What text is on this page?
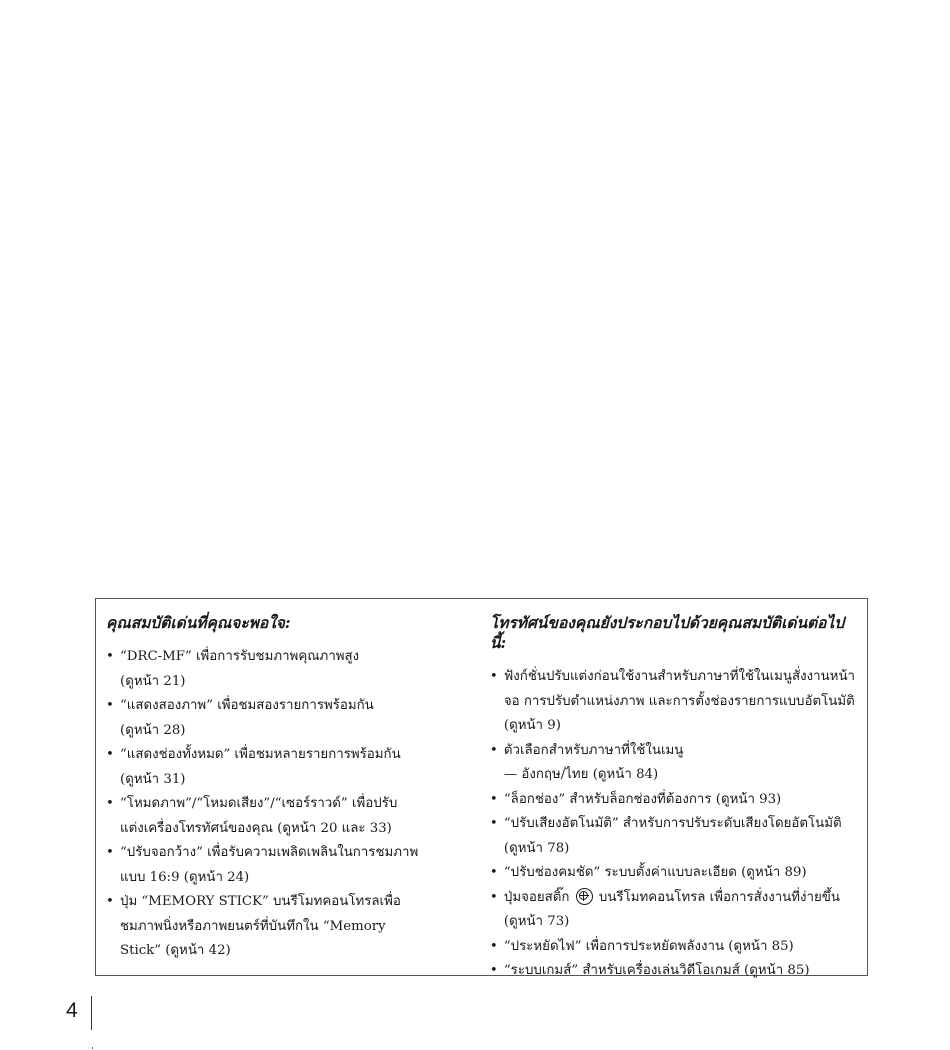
คุณสมบัติเด่นที่คุณจะพอใจ:
• “DRC-MF” เพื่อการรับชมภาพคุณภาพสูง
(ดูหน้า 21)
• “แสดงสองภาพ” เพื่อชมสองรายการพร้อมกัน
(ดูหน้า 28)
• “แสดงช่องทั้งหมด” เพื่อชมหลายรายการพร้อมกัน
(ดูหน้า 31)
• “โหมดภาพ”/“โหมดเสียง”/“เซอร์ราวด์” เพื่อปรับ
แต่งเครื่องโทรทัศน์ของคุณ (ดูหน้า 20 และ 33)
• “ปรับจอกว้าง” เพื่อรับความเพลิดเพลินในการชมภาพ
แบบ 16:9 (ดูหน้า 24)
• ปุ่ม “MEMORY STICK” บนรีโมทคอนโทรลเพื่อ
ชมภาพนิ่งหรือภาพยนตร์ที่บันทึกใน “Memory
Stick” (ดูหน้า 42)
โทรทัศน์ของคุณยังประกอบไปด้วยคุณสมบัติเด่นต่อไปนี้:
• ฟังก์ชั่นปรับแต่งก่อนใช้งานสำหรับภาษาที่ใช้ในเมนูสั่งงานหน้า
จอ การปรับตำแหน่งภาพ และการตั้งช่องรายการแบบอัตโนมัติ
(ดูหน้า 9)
• ตัวเลือกสำหรับภาษาที่ใช้ในเมนู
— อังกฤษ/ไทย (ดูหน้า 84)
• “ล็อกช่อง” สำหรับล็อกช่องที่ต้องการ (ดูหน้า 93)
• “ปรับเสียงอัตโนมัติ” สำหรับการปรับระดับเสียงโดยอัตโนมัติ
(ดูหน้า 78)
• “ปรับช่องคมชัด” ระบบตั้งค่าแบบละเอียด (ดูหน้า 89)
• ปุ่มจอยสติ๊ก บนรีโมทคอนโทรล เพื่อการสั่งงานที่ง่ายขึ้น
(ดูหน้า 73)
• “ประหยัดไฟ” เพื่อการประหยัดพลังงาน (ดูหน้า 85)
• “ระบบเกมส์” สำหรับเครื่องเล่นวิดีโอเกมส์ (ดูหน้า 85)
4
